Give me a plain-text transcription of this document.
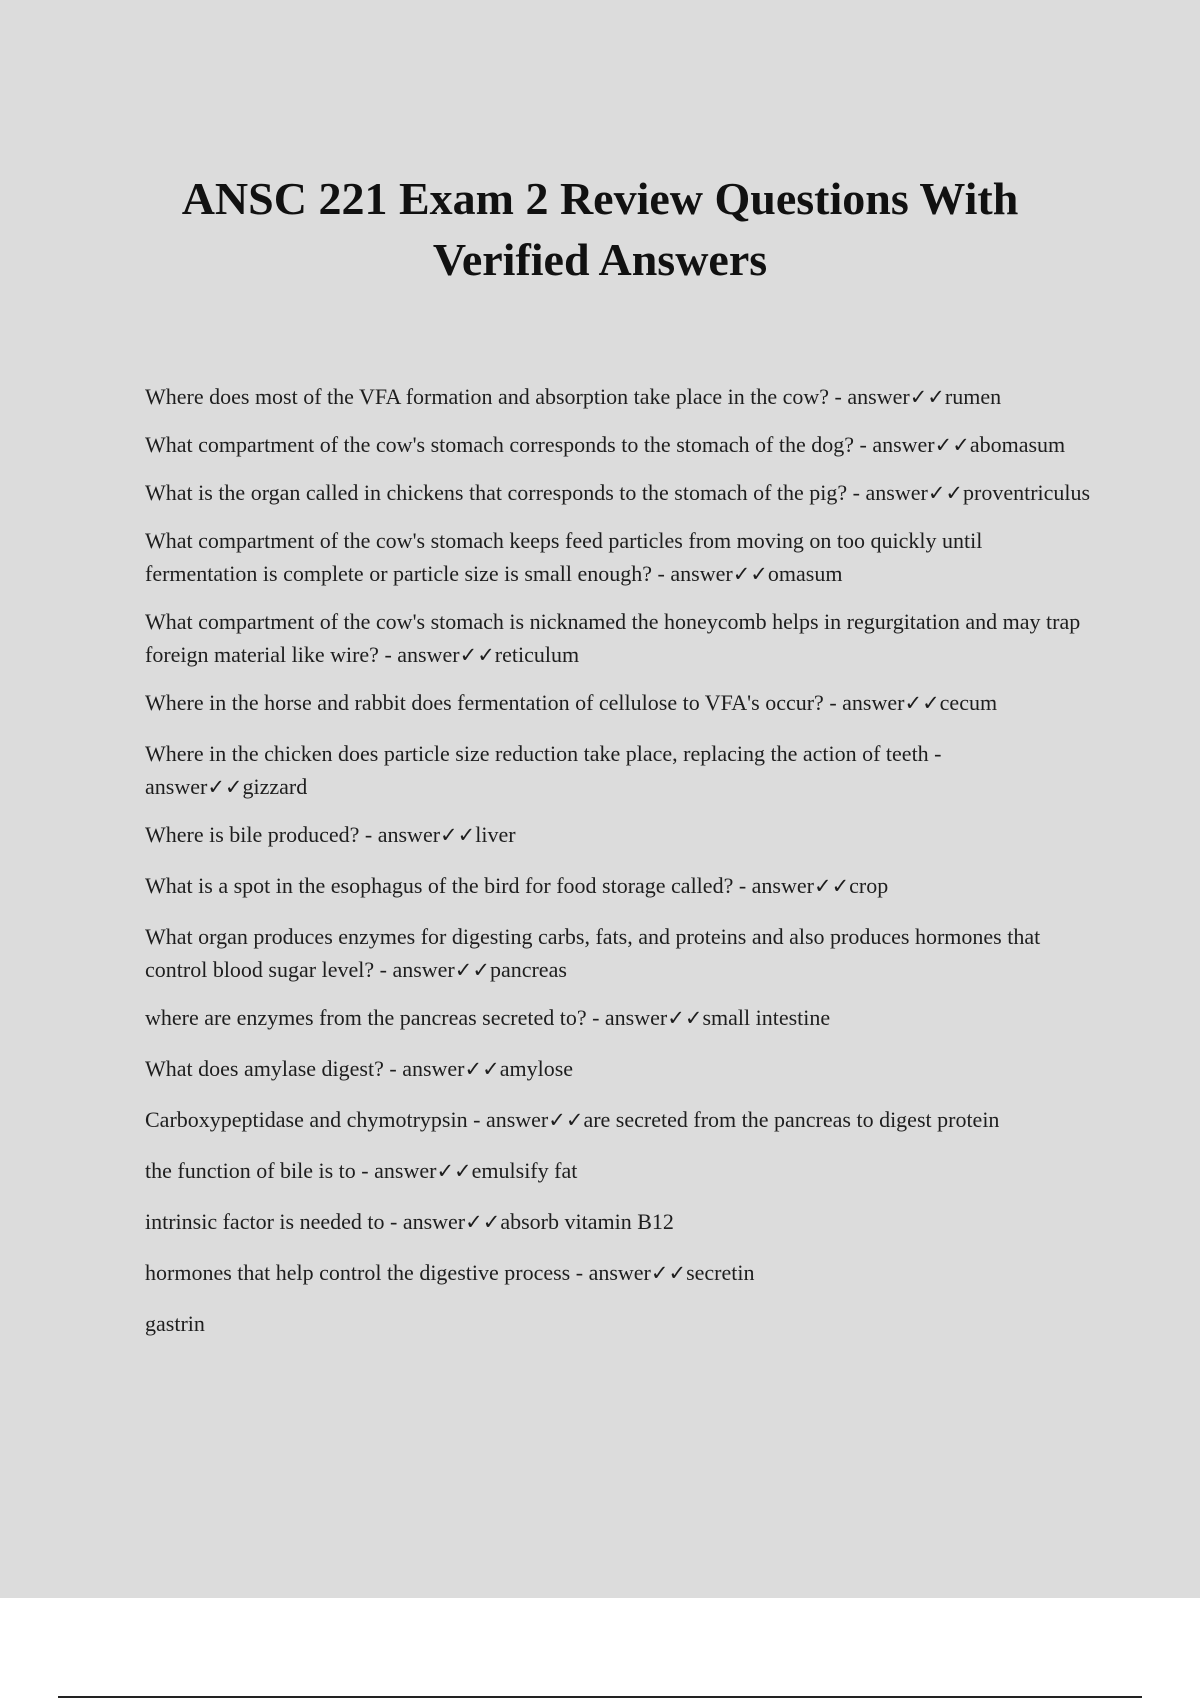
ANSC 221 Exam 2 Review Questions With Verified Answers
Where does most of the VFA formation and absorption take place in the cow? - answer✓✓rumen
What compartment of the cow's stomach corresponds to the stomach of the dog? - answer✓✓abomasum
What is the organ called in chickens that corresponds to the stomach of the pig? - answer✓✓proventriculus
What compartment of the cow's stomach keeps feed particles from moving on too quickly until fermentation is complete or particle size is small enough? - answer✓✓omasum
What compartment of the cow's stomach is nicknamed the honeycomb helps in regurgitation and may trap foreign material like wire? - answer✓✓reticulum
Where in the horse and rabbit does fermentation of cellulose to VFA's occur? - answer✓✓cecum
Where in the chicken does particle size reduction take place, replacing the action of teeth - answer✓✓gizzard
Where is bile produced? - answer✓✓liver
What is a spot in the esophagus of the bird for food storage called? - answer✓✓crop
What organ produces enzymes for digesting carbs, fats, and proteins and also produces hormones that control blood sugar level? - answer✓✓pancreas
where are enzymes from the pancreas secreted to? - answer✓✓small intestine
What does amylase digest? - answer✓✓amylose
Carboxypeptidase and chymotrypsin - answer✓✓are secreted from the pancreas to digest protein
the function of bile is to - answer✓✓emulsify fat
intrinsic factor is needed to - answer✓✓absorb vitamin B12
hormones that help control the digestive process - answer✓✓secretin
gastrin
